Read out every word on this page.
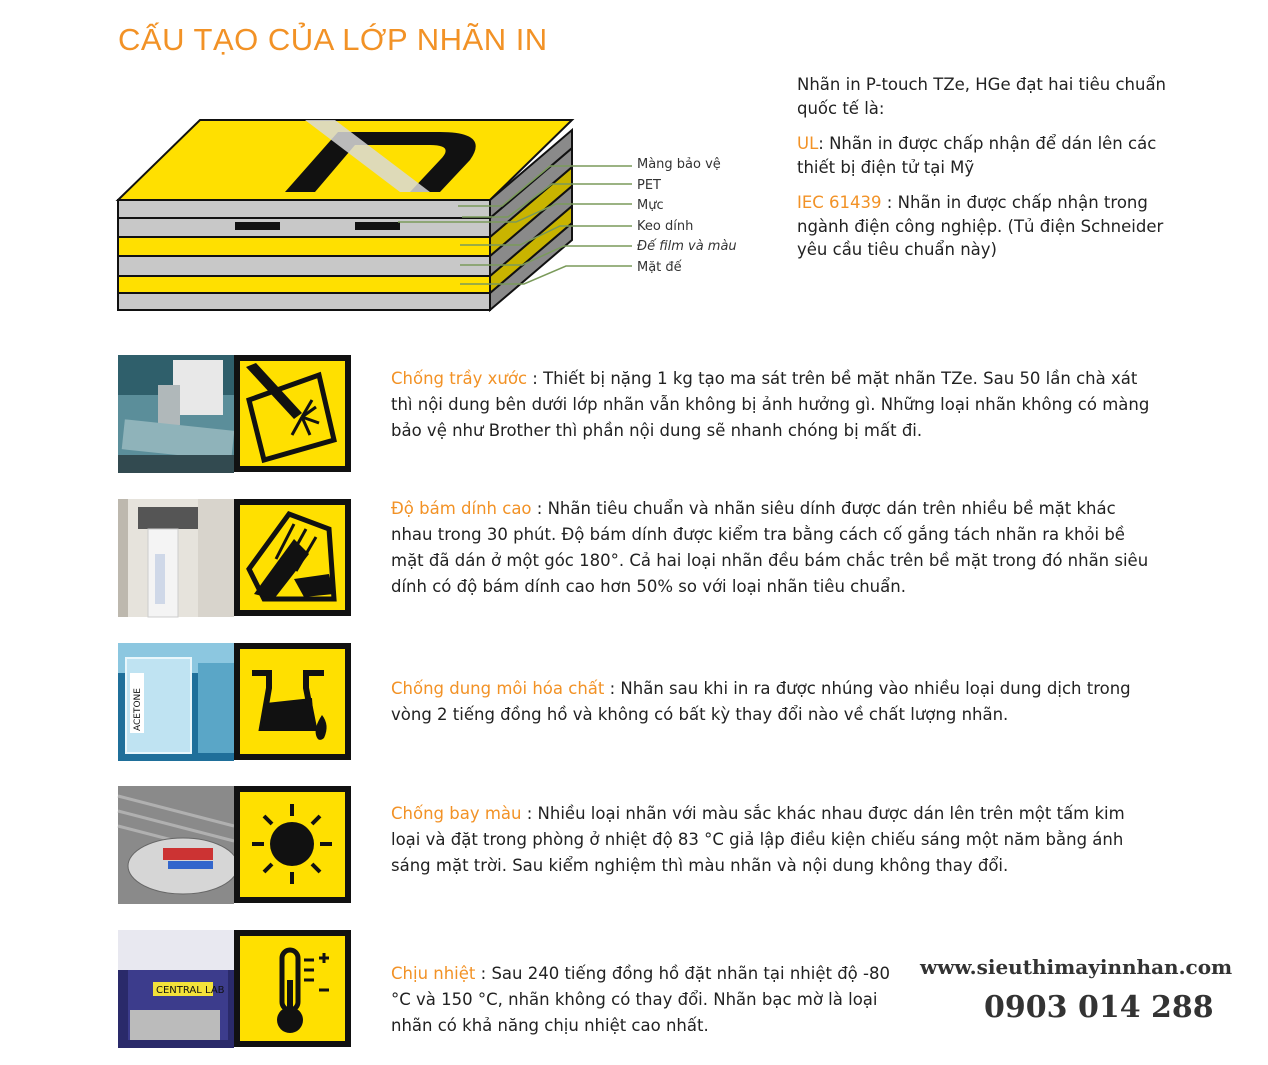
CẤU TẠO CỦA LỚP NHÃN IN
Màng bảo vệ
PET
Mực
Keo dính
Đế film và màu
Mặt đế

Nhãn in P-touch TZe, HGe đạt hai tiêu chuẩn quốc tế là:

UL: Nhãn in được chấp nhận để dán lên các thiết bị điện tử tại Mỹ

IEC 61439 : Nhãn in được chấp nhận trong ngành điện công nghiệp. (Tủ điện Schneider yêu cầu tiêu chuẩn này)

Chống trầy xước : Thiết bị nặng 1 kg tạo ma sát trên bề mặt nhãn TZe. Sau 50 lần chà xát thì nội dung bên dưới lớp nhãn vẫn không bị ảnh hưởng gì. Những loại nhãn không có màng bảo vệ như Brother thì phần nội dung sẽ nhanh chóng bị mất đi.
Độ bám dính cao : Nhãn tiêu chuẩn và nhãn siêu dính được dán trên nhiều bề mặt khác nhau trong 30 phút. Độ bám dính được kiểm tra bằng cách cố gắng tách nhãn ra khỏi bề mặt đã dán ở một góc 180°. Cả hai loại nhãn đều bám chắc trên bề mặt trong đó nhãn siêu dính có độ bám dính cao hơn 50% so với loại nhãn tiêu chuẩn.
ACETONE	Chống dung môi hóa chất : Nhãn sau khi in ra được nhúng vào nhiều loại dung dịch trong vòng 2 tiếng đồng hồ và không có bất kỳ thay đổi nào về chất lượng nhãn.
Chống bay màu : Nhiều loại nhãn với màu sắc khác nhau được dán lên trên một tấm kim loại và đặt trong phòng ở nhiệt độ 83 °C giả lập điều kiện chiếu sáng một năm bằng ánh sáng mặt trời. Sau kiểm nghiệm thì màu nhãn và nội dung không thay đổi.
CENTRAL LAB
Chịu nhiệt : Sau 240 tiếng đồng hồ đặt nhãn tại nhiệt độ -80 °C và 150 °C, nhãn không có thay đổi. Nhãn bạc mờ là loại nhãn có khả năng chịu nhiệt cao nhất.
www.sieuthimayinnhan.com
0903 014 288
